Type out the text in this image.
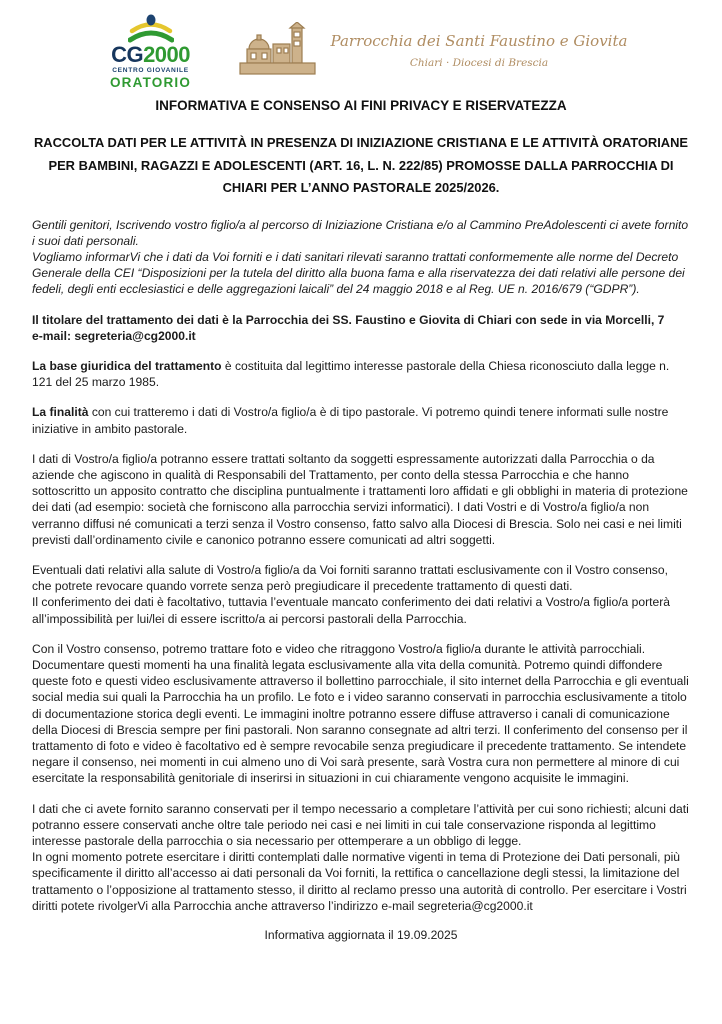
CG2000
CENTRO GIOVANILE
ORATORIO
Parrocchia dei Santi Faustino e Giovita
Chiari · Diocesi di Brescia
INFORMATIVA E CONSENSO AI FINI PRIVACY E RISERVATEZZA
RACCOLTA DATI PER LE ATTIVITÀ IN PRESENZA DI INIZIAZIONE CRISTIANA E LE ATTIVITÀ ORATORIANE PER BAMBINI, RAGAZZI E ADOLESCENTI (ART. 16, L. N. 222/85) PROMOSSE DALLA PARROCCHIA DI CHIARI PER L’ANNO PASTORALE 2025/2026.

Gentili genitori, Iscrivendo vostro figlio/a al percorso di Iniziazione Cristiana e/o al Cammino PreAdolescenti ci avete fornito i suoi dati personali.
Vogliamo informarVi che i dati da Voi forniti e i dati sanitari rilevati saranno trattati conformemente alle norme del Decreto Generale della CEI “Disposizioni per la tutela del diritto alla buona fama e alla riservatezza dei dati relativi alle persone dei fedeli, degli enti ecclesiastici e delle aggregazioni laicali” del 24 maggio 2018 e al Reg. UE n. 2016/679 (“GDPR”).

Il titolare del trattamento dei dati è la Parrocchia dei SS. Faustino e Giovita di Chiari con sede in via Morcelli, 7
e-mail: segreteria@cg2000.it

La base giuridica del trattamento è costituita dal legittimo interesse pastorale della Chiesa riconosciuto dalla legge n. 121 del 25 marzo 1985.

La finalità con cui tratteremo i dati di Vostro/a figlio/a è di tipo pastorale. Vi potremo quindi tenere informati sulle nostre iniziative in ambito pastorale.

I dati di Vostro/a figlio/a potranno essere trattati soltanto da soggetti espressamente autorizzati dalla Parrocchia o da aziende che agiscono in qualità di Responsabili del Trattamento, per conto della stessa Parrocchia e che hanno sottoscritto un apposito contratto che disciplina puntualmente i trattamenti loro affidati e gli obblighi in materia di protezione dei dati (ad esempio: società che forniscono alla parrocchia servizi informatici). I dati Vostri e di Vostro/a figlio/a non verranno diffusi né comunicati a terzi senza il Vostro consenso, fatto salvo alla Diocesi di Brescia. Solo nei casi e nei limiti previsti dall’ordinamento civile e canonico potranno essere comunicati ad altri soggetti.

Eventuali dati relativi alla salute di Vostro/a figlio/a da Voi forniti saranno trattati esclusivamente con il Vostro consenso, che potrete revocare quando vorrete senza però pregiudicare il precedente trattamento di questi dati.
Il conferimento dei dati è facoltativo, tuttavia l’eventuale mancato conferimento dei dati relativi a Vostro/a figlio/a porterà all’impossibilità per lui/lei di essere iscritto/a ai percorsi pastorali della Parrocchia.

Con il Vostro consenso, potremo trattare foto e video che ritraggono Vostro/a figlio/a durante le attività parrocchiali. Documentare questi momenti ha una finalità legata esclusivamente alla vita della comunità. Potremo quindi diffondere queste foto e questi video esclusivamente attraverso il bollettino parrocchiale, il sito internet della Parrocchia e gli eventuali social media sui quali la Parrocchia ha un profilo. Le foto e i video saranno conservati in parrocchia esclusivamente a titolo di documentazione storica degli eventi. Le immagini inoltre potranno essere diffuse attraverso i canali di comunicazione della Diocesi di Brescia sempre per fini pastorali. Non saranno consegnate ad altri terzi. Il conferimento del consenso per il trattamento di foto e video è facoltativo ed è sempre revocabile senza pregiudicare il precedente trattamento. Se intendete negare il consenso, nei momenti in cui almeno uno di Voi sarà presente, sarà Vostra cura non permettere al minore di cui esercitate la responsabilità genitoriale di inserirsi in situazioni in cui chiaramente vengono acquisite le immagini.

I dati che ci avete fornito saranno conservati per il tempo necessario a completare l’attività per cui sono richiesti; alcuni dati potranno essere conservati anche oltre tale periodo nei casi e nei limiti in cui tale conservazione risponda al legittimo interesse pastorale della parrocchia o sia necessario per ottemperare a un obbligo di legge.
In ogni momento potrete esercitare i diritti contemplati dalle normative vigenti in tema di Protezione dei Dati personali, più specificamente il diritto all’accesso ai dati personali da Voi forniti, la rettifica o cancellazione degli stessi, la limitazione del trattamento o l’opposizione al trattamento stesso, il diritto al reclamo presso una autorità di controllo. Per esercitare i Vostri diritti potete rivolgerVi alla Parrocchia anche attraverso l’indirizzo e-mail segreteria@cg2000.it

Informativa aggiornata il 19.09.2025
